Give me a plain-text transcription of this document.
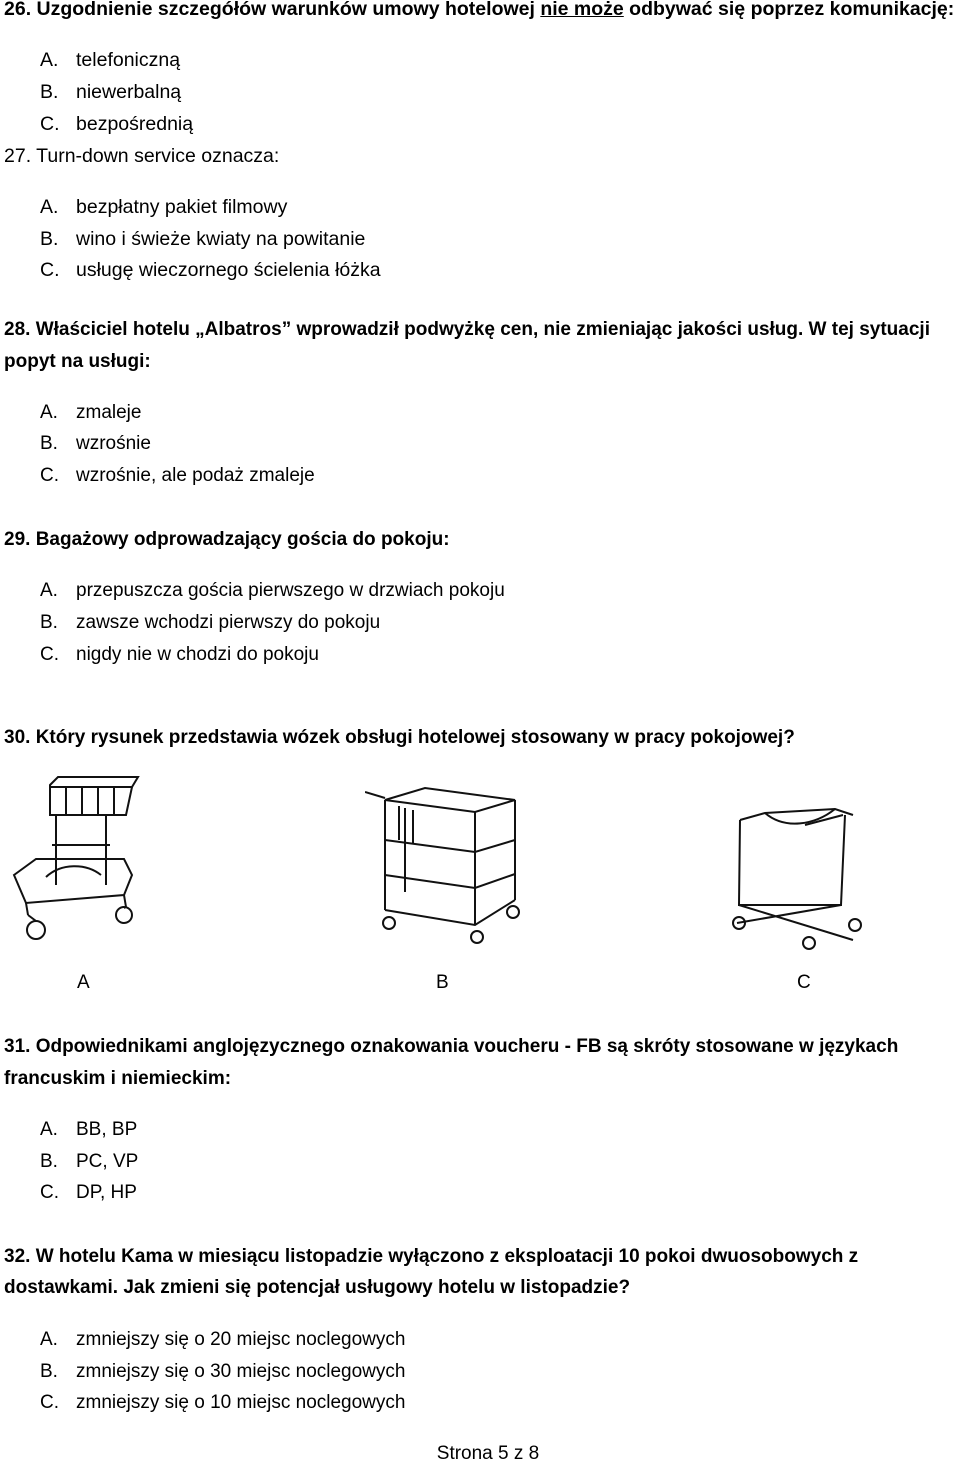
26. Uzgodnienie szczegółów warunków umowy hotelowej nie może odbywać się poprzez komunikację:
A. telefoniczną
B. niewerbalną
C. bezpośrednią
27. Turn-down service oznacza:
A. bezpłatny pakiet filmowy
B. wino i świeże kwiaty na powitanie
C. usługę wieczornego ścielenia łóżka
28. Właściciel hotelu „Albatros” wprowadził podwyżkę cen, nie zmieniając jakości usług. W tej sytuacji
popyt na usługi:
A. zmaleje
B. wzrośnie
C. wzrośnie, ale podaż zmaleje
29. Bagażowy odprowadzający gościa do pokoju:
A. przepuszcza gościa pierwszego w drzwiach pokoju
B. zawsze wchodzi pierwszy do pokoju
C. nigdy nie w chodzi do pokoju
30. Który rysunek przedstawia wózek obsługi hotelowej stosowany w pracy pokojowej?
A	B	C
31. Odpowiednikami anglojęzycznego oznakowania voucheru - FB są skróty stosowane w językach
francuskim i niemieckim:
A. BB, BP
B. PC, VP
C. DP, HP
32. W hotelu Kama w miesiącu listopadzie wyłączono z eksploatacji 10 pokoi dwuosobowych z
dostawkami. Jak zmieni się potencjał usługowy hotelu w listopadzie?
A. zmniejszy się o 20 miejsc noclegowych
B. zmniejszy się o 30 miejsc noclegowych
C. zmniejszy się o 10 miejsc noclegowych
Strona 5 z 8
